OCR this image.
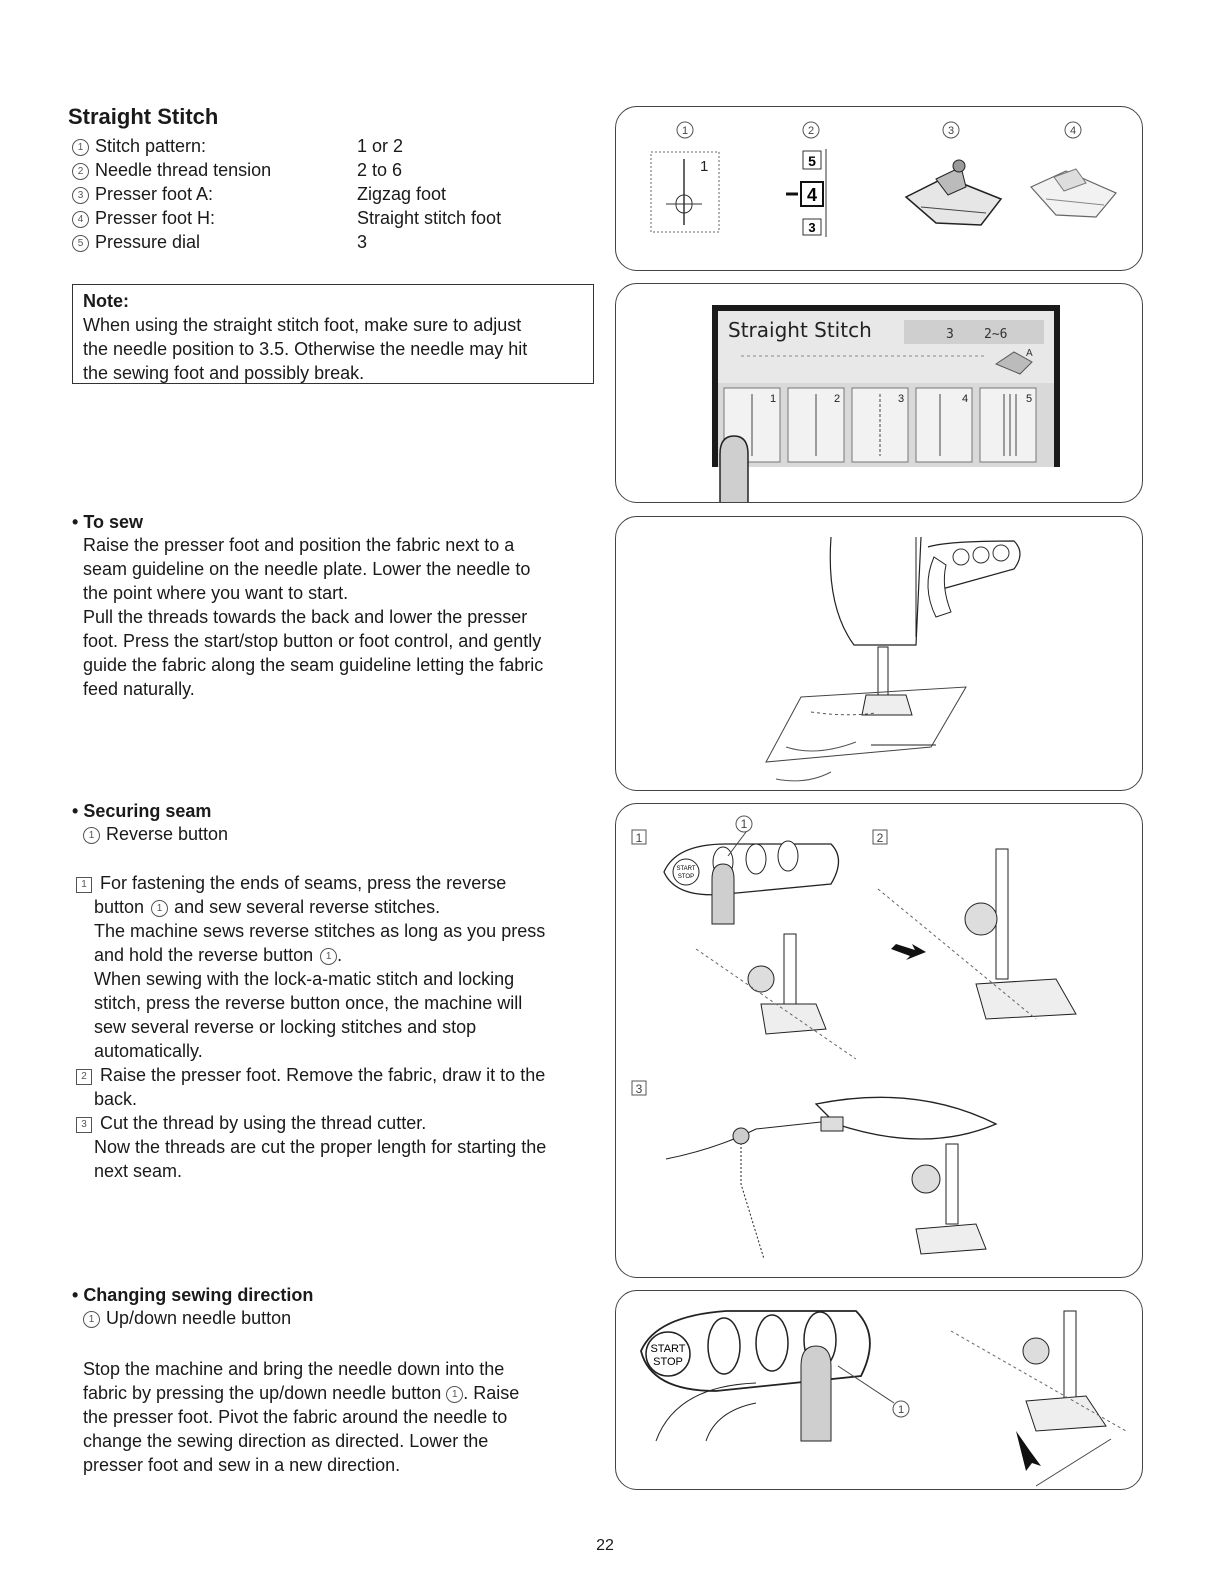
Straight Stitch
1 Stitch pattern:	1 or 2
2 Needle thread tension	2 to 6
3 Presser foot A:	Zigzag foot
4 Presser foot H:	Straight stitch foot
5 Pressure dial	3
Note:
When using the straight stitch foot, make sure to adjust
the needle position to 3.5. Otherwise the needle may hit
the sewing foot and possibly break.
• To sew
Raise the presser foot and position the fabric next to a
seam guideline on the needle plate. Lower the needle to
the point where you want to start.
Pull the threads towards the back and lower the presser
foot. Press the start/stop button or foot control, and gently
guide the fabric along the seam guideline letting the fabric
feed naturally.
• Securing seam
1 Reverse button
1 For fastening the ends of seams, press the reverse
button 1 and sew several reverse stitches.
The machine sews reverse stitches as long as you press
and hold the reverse button 1 .
When sewing with the lock-a-matic stitch and locking
stitch, press the reverse button once, the machine will
sew several reverse or locking stitches and stop
automatically.
2 Raise the presser foot. Remove the fabric, draw it to the
back.
3 Cut the thread by using the thread cutter.
Now the threads are cut the proper length for starting the
next seam.
• Changing sewing direction
1 Up/down needle button
Stop the machine and bring the needle down into the
fabric by pressing the up/down needle button 1 . Raise
the presser foot. Pivot the fabric around the needle to
change the sewing direction as directed. Lower the
presser foot and sew in a new direction.
1	2	3	4
1	5
4
3
Straight Stitch	3 2~6
A
1	2	3	4	5
1	2
3
1
START
STOP
START
STOP
1
22
